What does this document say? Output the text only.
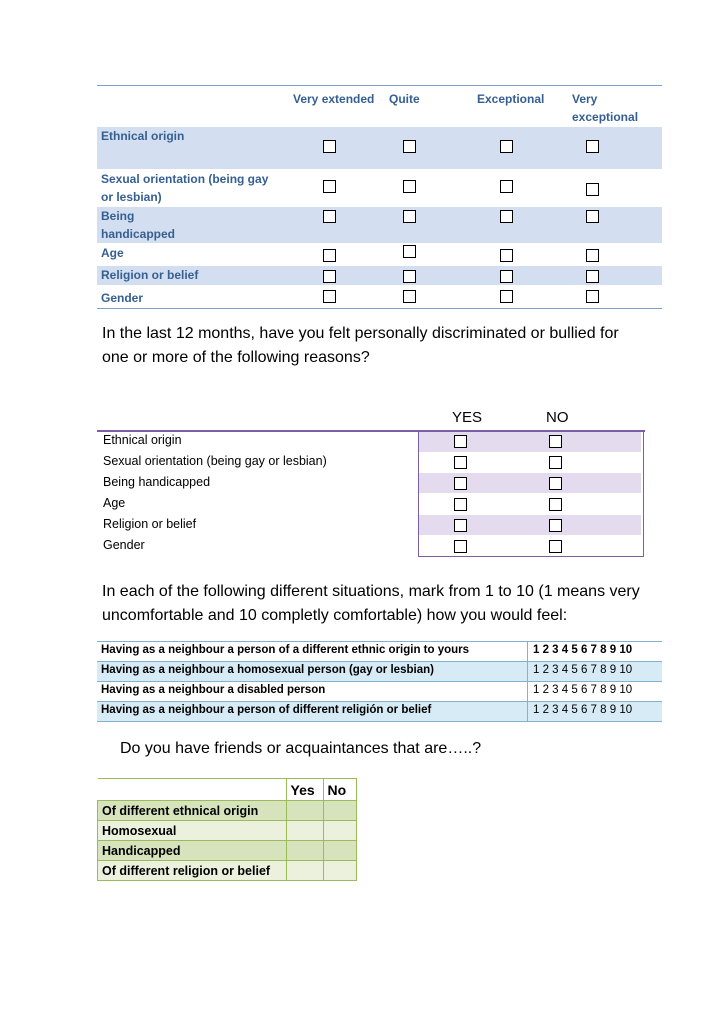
Very extended	Quite	Exceptional	Very exceptional
Ethnical origin
Sexual orientation (being gay or lesbian)
Being handicapped
Age
Religion or belief
Gender
In the last 12 months, have you felt personally discriminated or bullied for one or more of the following reasons?
YES	NO
Ethnical origin
Sexual orientation (being gay or lesbian)
Being handicapped
Age
Religion or belief
Gender
In each of the following different situations, mark from 1 to 10 (1 means very uncomfortable and 10 completly comfortable) how you would feel:
Having as a neighbour a person of a different ethnic origin to yours	1 2 3 4 5 6 7 8 9 10
Having as a neighbour a homosexual person (gay or lesbian)	1 2 3 4 5 6 7 8 9 10
Having as a neighbour a disabled person	1 2 3 4 5 6 7 8 9 10
Having as a neighbour a person of different religión or belief	1 2 3 4 5 6 7 8 9 10
Do you have friends or acquaintances that are…..?
	Yes	No
Of different ethnical origin		
Homosexual		
Handicapped		
Of different religion or belief		
